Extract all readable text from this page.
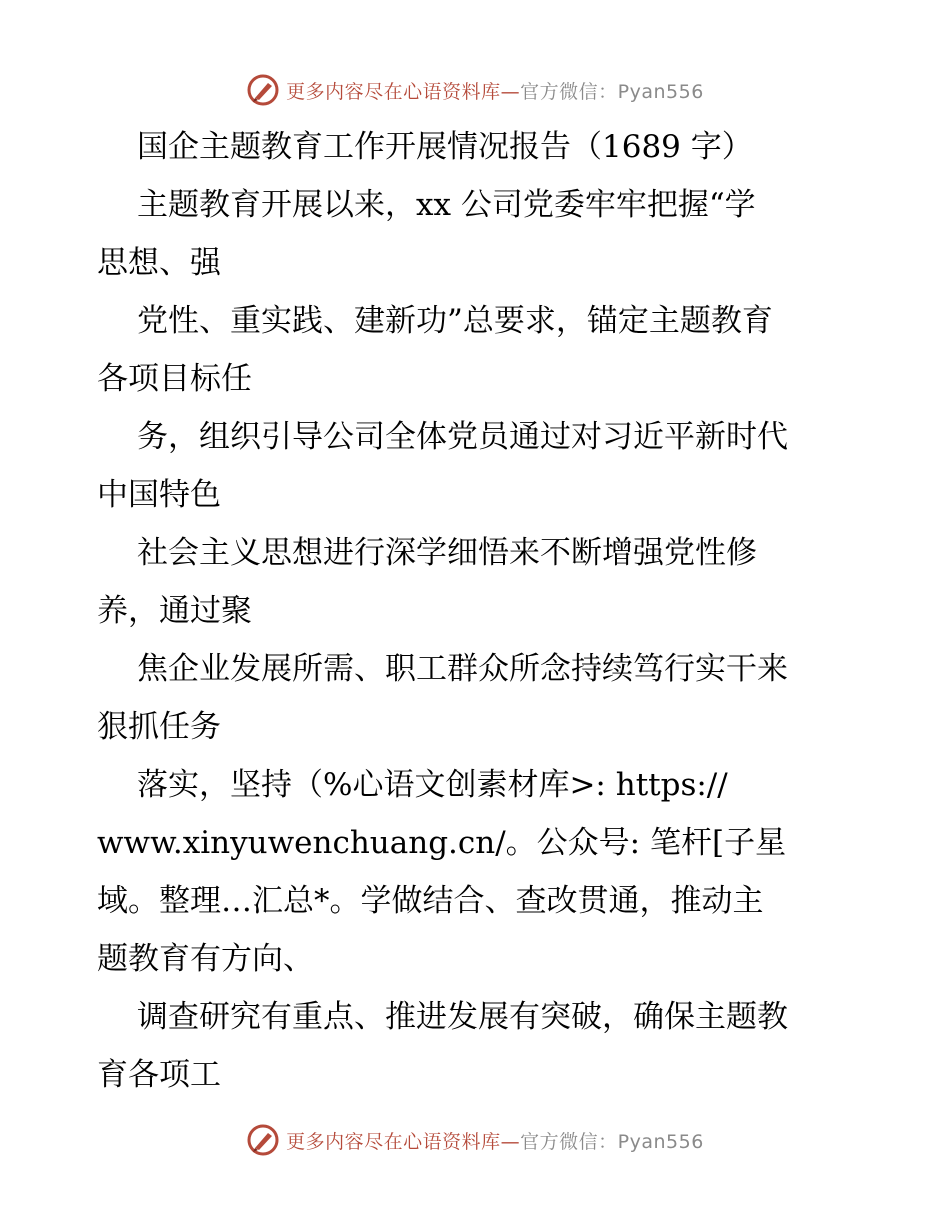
更多内容尽在心语资料库—官方微信：Pyan556
国企主题教育工作开展情况报告（1689 字）
主题教育开展以来，xx 公司党委牢牢把握“学
思想、强
党性、重实践、建新功”总要求，锚定主题教育
各项目标任
务，组织引导公司全体党员通过对习近平新时代
中国特色
社会主义思想进行深学细悟来不断增强党性修
养，通过聚
焦企业发展所需、职工群众所念持续笃行实干来
狠抓任务
落实，坚持（%心语文创素材库>: https://
www.xinyuwenchuang.cn/。公众号: 笔杆[子星
域。整理…汇总*。学做结合、查改贯通，推动主
题教育有方向、
调查研究有重点、推进发展有突破，确保主题教
育各项工
更多内容尽在心语资料库—官方微信：Pyan556
